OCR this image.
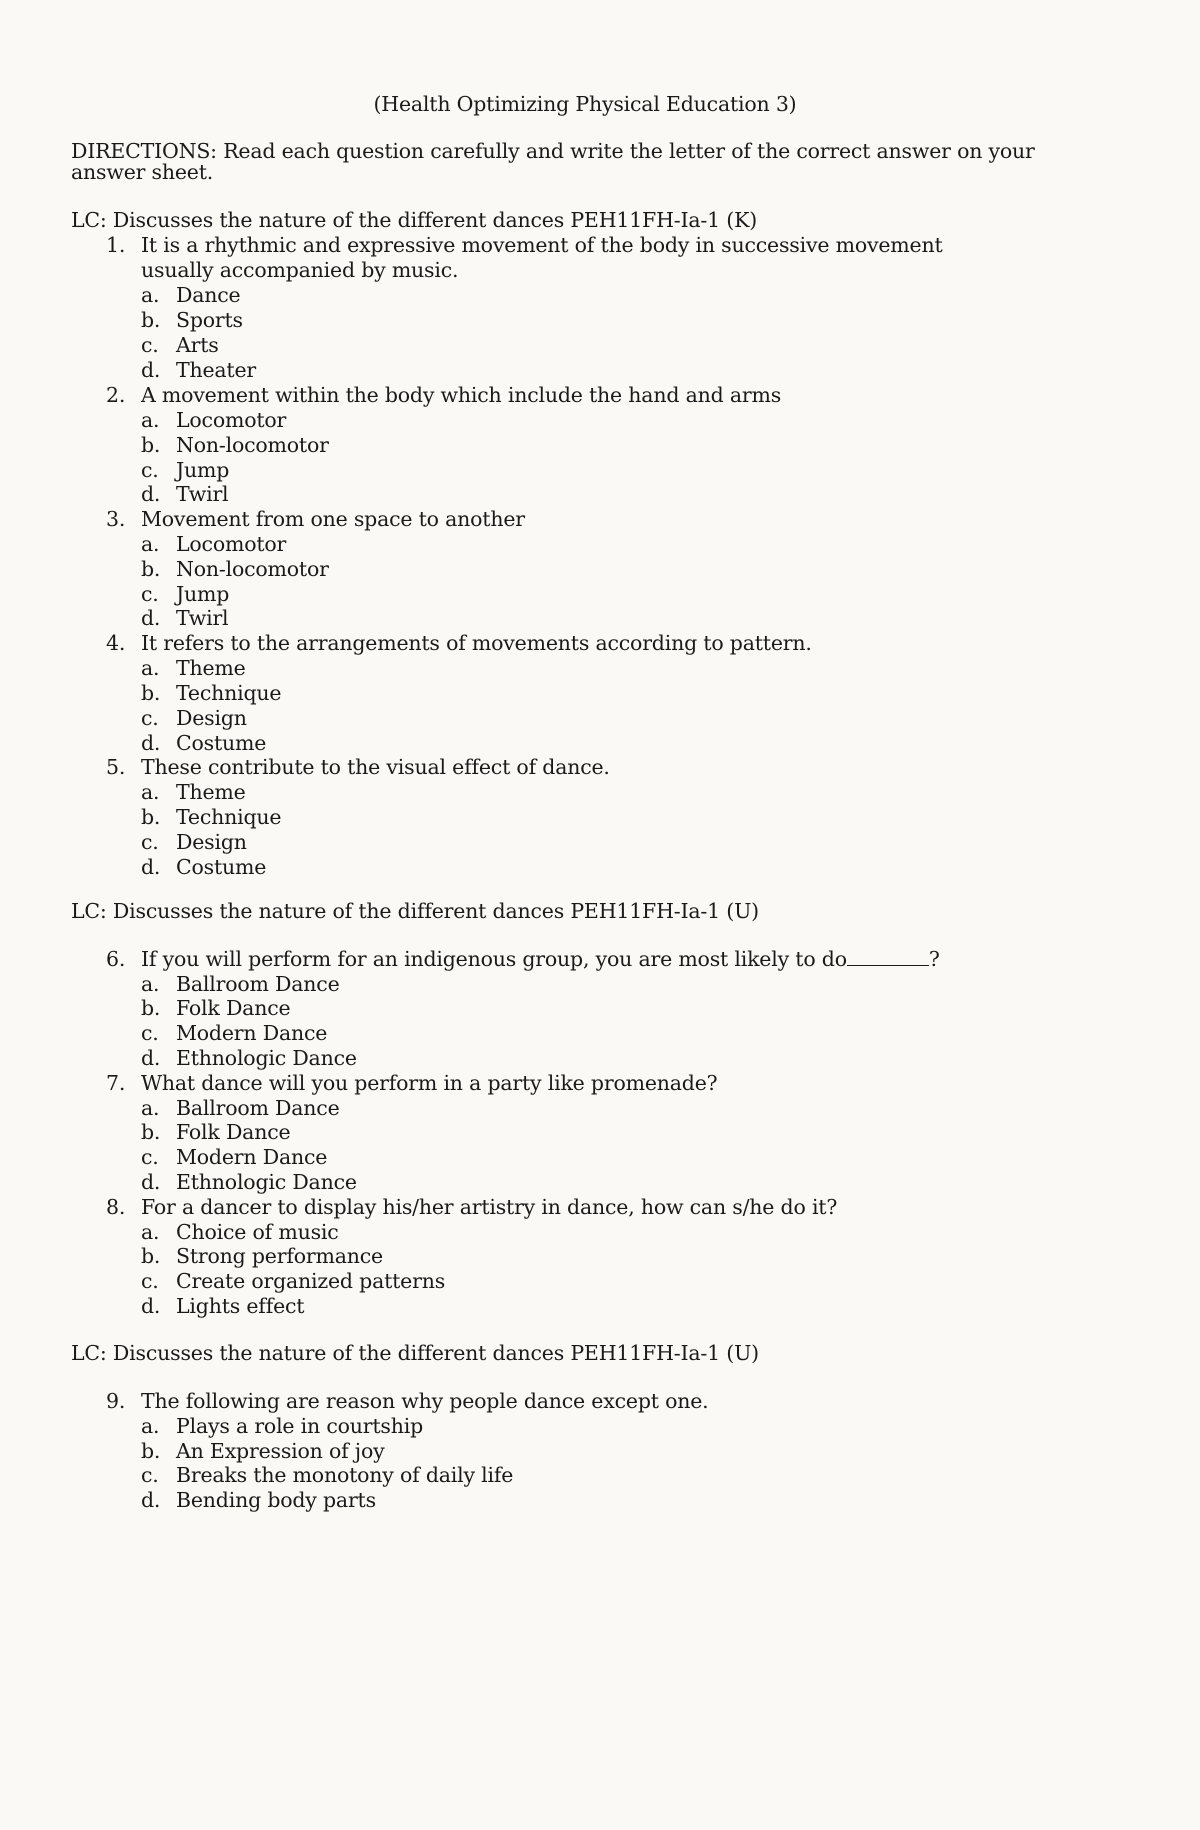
(Health Optimizing Physical Education 3)
DIRECTIONS: Read each question carefully and write the letter of the correct answer on your answer sheet.
LC: Discusses the nature of the different dances PEH11FH-Ia-1 (K)
1. It is a rhythmic and expressive movement of the body in successive movement usually accompanied by music.
a. Dance
b. Sports
c. Arts
d. Theater
2. A movement within the body which include the hand and arms
a. Locomotor
b. Non-locomotor
c. Jump
d. Twirl
3. Movement from one space to another
a. Locomotor
b. Non-locomotor
c. Jump
d. Twirl
4. It refers to the arrangements of movements according to pattern.
a. Theme
b. Technique
c. Design
d. Costume
5. These contribute to the visual effect of dance.
a. Theme
b. Technique
c. Design
d. Costume
LC: Discusses the nature of the different dances PEH11FH-Ia-1 (U)
6. If you will perform for an indigenous group, you are most likely to do	?
a. Ballroom Dance
b. Folk Dance
c. Modern Dance
d. Ethnologic Dance
7. What dance will you perform in a party like promenade?
a. Ballroom Dance
b. Folk Dance
c. Modern Dance
d. Ethnologic Dance
8. For a dancer to display his/her artistry in dance, how can s/he do it?
a. Choice of music
b. Strong performance
c. Create organized patterns
d. Lights effect
LC: Discusses the nature of the different dances PEH11FH-Ia-1 (U)
9. The following are reason why people dance except one.
a. Plays a role in courtship
b. An Expression of joy
c. Breaks the monotony of daily life
d. Bending body parts
